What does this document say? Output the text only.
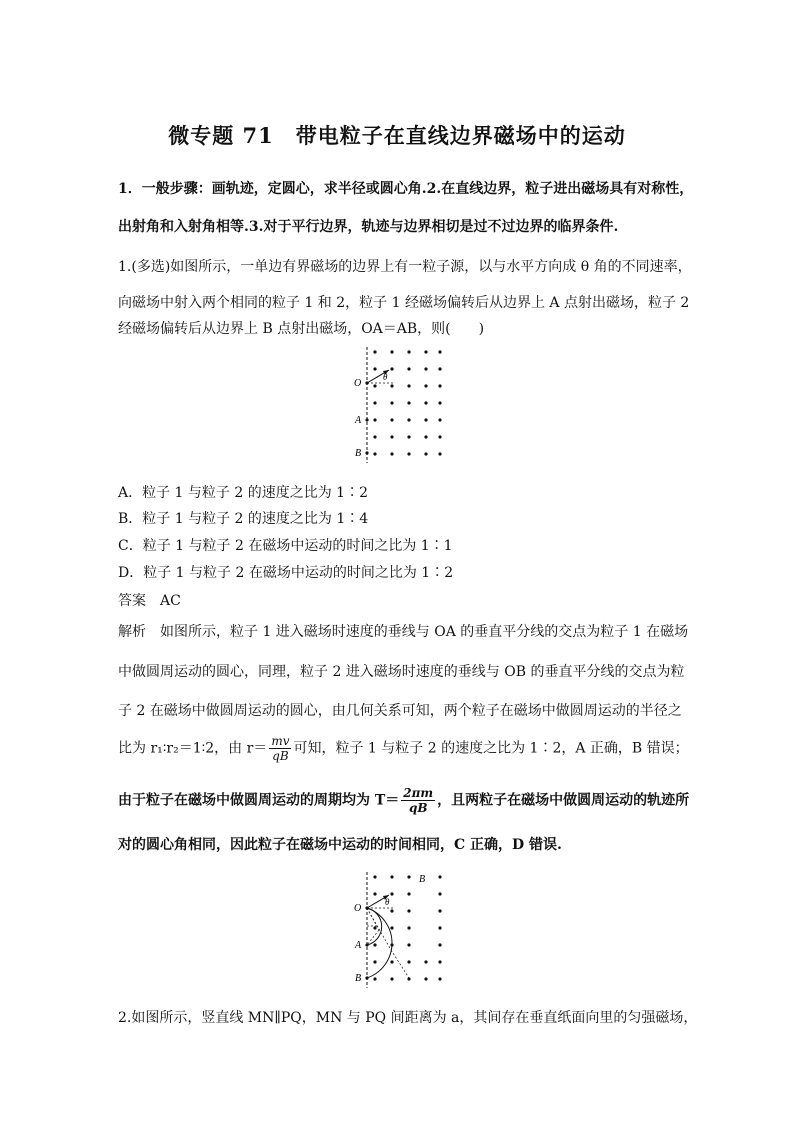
微专题 71　带电粒子在直线边界磁场中的运动
1．一般步骤：画轨迹，定圆心，求半径或圆心角.2.在直线边界，粒子进出磁场具有对称性，
出射角和入射角相等.3.对于平行边界，轨迹与边界相切是过不过边界的临界条件.
1.(多选)如图所示，一单边有界磁场的边界上有一粒子源，以与水平方向成 θ 角的不同速率，
向磁场中射入两个相同的粒子 1 和 2，粒子 1 经磁场偏转后从边界上 A 点射出磁场，粒子 2
经磁场偏转后从边界上 B 点射出磁场，OA＝AB，则(　　)
O
A
B
θ
A．粒子 1 与粒子 2 的速度之比为 1∶2
B．粒子 1 与粒子 2 的速度之比为 1∶4
C．粒子 1 与粒子 2 在磁场中运动的时间之比为 1∶1
D．粒子 1 与粒子 2 在磁场中运动的时间之比为 1∶2
答案　AC
解析　如图所示，粒子 1 进入磁场时速度的垂线与 OA 的垂直平分线的交点为粒子 1 在磁场
中做圆周运动的圆心，同理，粒子 2 进入磁场时速度的垂线与 OB 的垂直平分线的交点为粒
子 2 在磁场中做圆周运动的圆心，由几何关系可知，两个粒子在磁场中做圆周运动的半径之
比为 r₁∶r₂＝1∶2，由 $r= \frac{mv}{qB}$ 可知，粒子 1 与粒子 2 的速度之比为 1∶2，A 正确，B 错误；
由于粒子在磁场中做圆周运动的周期均为 $T= \frac{2\pi m}{qB}$ ，且两粒子在磁场中做圆周运动的轨迹所
对的圆心角相同，因此粒子在磁场中运动的时间相同，C 正确，D 错误.
O
A
B
B
θ
2.如图所示，竖直线 MN∥PQ，MN 与 PQ 间距离为 a，其间存在垂直纸面向里的匀强磁场，
